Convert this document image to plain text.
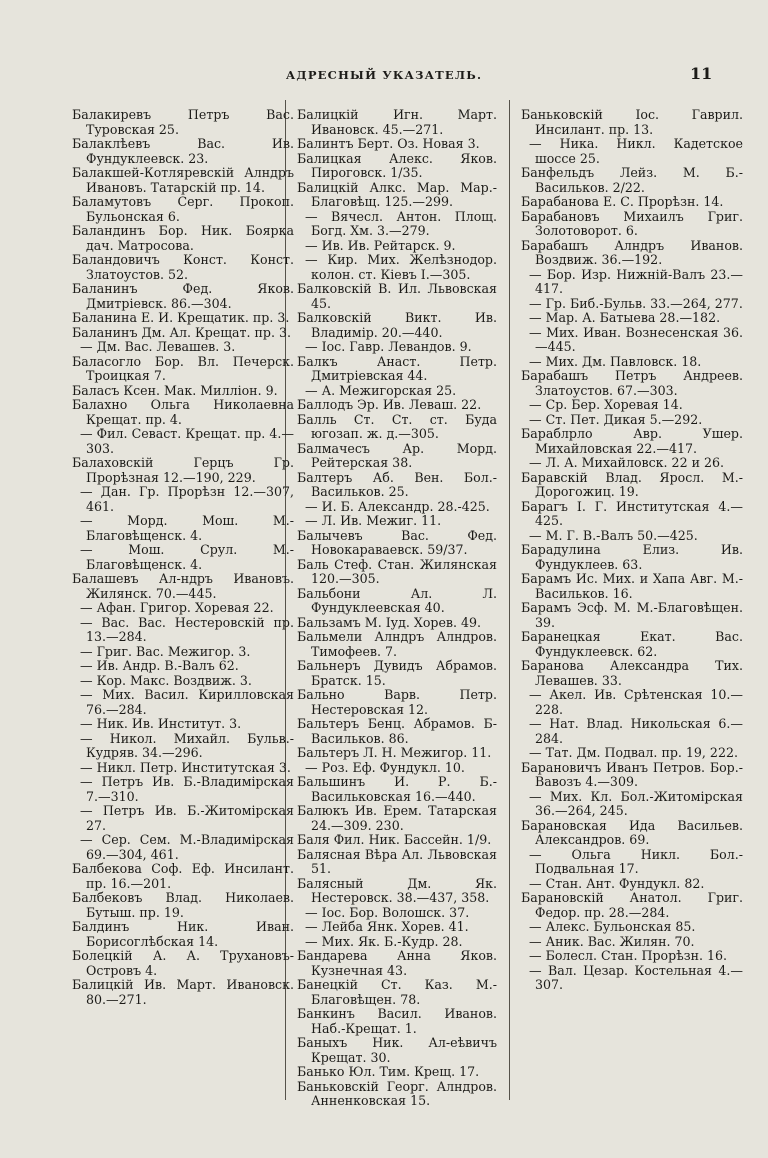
АДРЕСНЫЙ УКАЗАТЕЛЬ.	11

Балакиревъ Петръ Вас. Туровская 25.

Балаклѣевъ Вас. Ив. Фундуклеевск. 23.

Балакшей-Котляревскій Алндръ Ивановъ. Татарскій пр. 14.

Баламутовъ Серг. Прокоп. Бульонская 6.

Баландинъ Бор. Ник. Боярка дач. Матросова.

Баландовичъ Конст. Конст. Златоустов. 52.

Баланинъ Фед. Яков. Дмитріевск. 86.—304.

Баланина Е. И. Крещатик. пр. 3.

Баланинъ Дм. Ал. Крещат. пр. 3.

— Дм. Вас. Левашев. 3.

Баласогло Бор. Вл. Печерск. Троицкая 7.

Баласъ Ксен. Мак. Милліон. 9.

Балахно Ольга Николаевна Крещат. пр. 4.

— Фил. Севаст. Крещат. пр. 4.—303.

Балаховскій Герцъ Гр. Прорѣзная 12.—190, 229.

— Дан. Гр. Прорѣзн 12.—307, 461.

— Морд. Мош. М.-Благовѣщенск. 4.

— Мош. Срул. М.-Благовѣщенск. 4.

Балашевъ Ал-ндръ Ивановъ. Жилянск. 70.—445.

— Афан. Григор. Хоревая 22.

— Вас. Вас. Нестеровскій пр. 13.—284.

— Григ. Вас. Межигор. 3.

— Ив. Андр. В.-Валъ 62.

— Кор. Макс. Воздвиж. 3.

— Мих. Васил. Кирилловская 76.—284.

— Ник. Ив. Институт. 3.

— Никол. Михайл. Бульв.-Кудряв. 34.—296.

— Никл. Петр. Институтская 3.

— Петръ Ив. Б.-Владимірская 7.—310.

— Петръ Ив. Б.-Житомірская 27.

— Сер. Сем. М.-Владимірская 69.—304, 461.

Балбекова Соф. Еф. Инсилант. пр. 16.—201.

Балбековъ Влад. Николаев. Бутыш. пр. 19.

Балдинъ Ник. Иван. Борисоглѣбская 14.

Болецкій А. А. Трухановъ-Островъ 4.

Балицкій Ив. Март. Ивановск. 80.—271.

Балицкій Игн. Март. Ивановск. 45.—271.

Балинтъ Берт. Оз. Новая 3.

Балицкая Алекс. Яков. Пироговск. 1/35.

Балицкій Алкс. Мар. Мар.-Благовѣщ. 125.—299.

— Вячесл. Антон. Площ. Богд. Хм. 3.—279.

— Ив. Ив. Рейтарск. 9.

— Кир. Мих. Желѣзнодор. колон. ст. Кіевъ І.—305.

Балковскій В. Ил. Львовская 45.

Балковскій Викт. Ив. Владимір. 20.—440.

— Іос. Гавр. Левандов. 9.

Балкъ Анаст. Петр. Дмитріевская 44.

— А. Межигорская 25.

Баллодъ Эр. Ив. Леваш. 22.

Балль Ст. Ст. ст. Буда югозап. ж. д.—305.

Балмачесъ Ар. Морд. Рейтерская 38.

Балтеръ Аб. Вен. Бол.-Васильков. 25.

— И. Б. Александр. 28.-425.

— Л. Ив. Межиг. 11.

Балычевъ Вас. Фед. Новокараваевск. 59/37.

Баль Стеф. Стан. Жилянская 120.—305.

Бальбони Ал. Л. Фундуклеевская 40.

Бальзамъ М. Іуд. Хорев. 49.

Бальмели Алндръ Алндров. Тимофеев. 7.

Бальнеръ Дувидъ Абрамов. Братск. 15.

Бально Варв. Петр. Нестеровская 12.

Бальтеръ Бенц. Абрамов. Б-Васильков. 86.

Бальтеръ Л. Н. Межигор. 11.

— Роз. Еф. Фундукл. 10.

Бальшинъ И. Р. Б.-Васильковская 16.—440.

Балюкъ Ив. Ерем. Татарская 24.—309. 230.

Баля Фил. Ник. Бассейн. 1/9.

Балясная Вѣра Ал. Львовская 51.

Балясный Дм. Як. Нестеровск. 38.—437, 358.

— Іос. Бор. Волошск. 37.

— Лейба Янк. Хорев. 41.

— Мих. Як. Б.-Кудр. 28.

Бандарева Анна Яков. Кузнечная 43.

Банецкій Ст. Каз. М.-Благовѣщен. 78.

Банкинъ Васил. Иванов. Наб.-Крещат. 1.

Баныхъ Ник. Ал-еѣвичъ Крещат. 30.

Банько Юл. Тим. Крещ. 17.

Баньковскій Георг. Алндров. Анненковская 15.

Баньковскій Іос. Гаврил. Инсилант. пр. 13.

— Ника. Никл. Кадетское шоссе 25.

Банфельдъ Лейз. М. Б.-Васильков. 2/22.

Барабанова Е. С. Прорѣзн. 14.

Барабановъ Михаилъ Григ. Золотоворот. 6.

Барабашъ Алндръ Иванов. Воздвиж. 36.—192.

— Бор. Изр. Нижній-Валъ 23.—417.

— Гр. Биб.-Бульв. 33.—264, 277.

— Мар. А. Батыева 28.—182.

— Мих. Иван. Вознесенская 36.—445.

— Мих. Дм. Павловск. 18.

Барабашъ Петръ Андреев. Златоустов. 67.—303.

— Ср. Бер. Хоревая 14.

— Ст. Пет. Дикая 5.—292.

Бараблрло Авр. Ушер. Михайловская 22.—417.

— Л. А. Михайловск. 22 и 26.

Баравскій Влад. Яросл. М.-Дорогожиц. 19.

Барагъ І. Г. Институтская 4.—425.

— М. Г. В.-Валъ 50.—425.

Барадулина Елиз. Ив. Фундуклеев. 63.

Барамъ Ис. Мих. и Хапа Авг. М.-Васильков. 16.

Барамъ Эсф. М. М.-Благовѣщен. 39.

Баранецкая Екат. Вас. Фундуклеевск. 62.

Баранова Александра Тих. Левашев. 33.

— Акел. Ив. Срѣтенская 10.—228.

— Нат. Влад. Никольская 6.—284.

— Тат. Дм. Подвал. пр. 19, 222.

Барановичъ Иванъ Петров. Бор.-Вавозъ 4.—309.

— Мих. Кл. Бол.-Житомірская 36.—264, 245.

Барановская Ида Васильев. Александров. 69.

— Ольга Никл. Бол.-Подвальная 17.

— Стан. Ант. Фундукл. 82.

Барановскій Анатол. Григ. Федор. пр. 28.—284.

— Алекс. Бульонская 85.

— Аник. Вас. Жилян. 70.

— Болесл. Стан. Прорѣзн. 16.

— Вал. Цезар. Костельная 4.—307.
